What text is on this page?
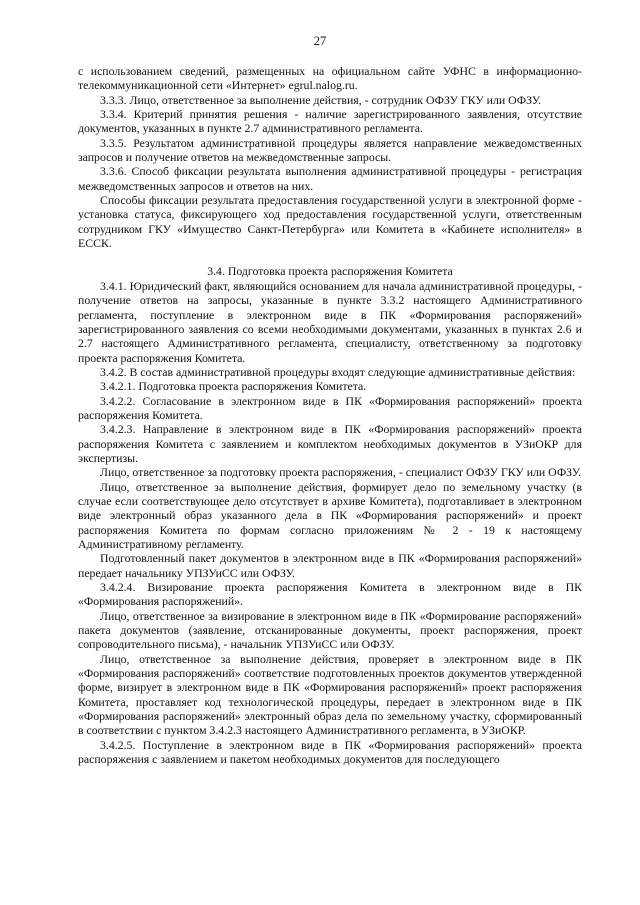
27

с использованием сведений, размещенных на официальном сайте УФНС в информационно-телекоммуникационной сети «Интернет» egrul.nalog.ru.

3.3.3. Лицо, ответственное за выполнение действия, - сотрудник ОФЗУ ГКУ или ОФЗУ.

3.3.4. Критерий принятия решения - наличие зарегистрированного заявления, отсутствие документов, указанных в пункте 2.7 административного регламента.

3.3.5. Результатом административной процедуры является направление межведомственных запросов и получение ответов на межведомственные запросы.

3.3.6. Способ фиксации результата выполнения административной процедуры - регистрация межведомственных запросов и ответов на них.

Способы фиксации результата предоставления государственной услуги в электронной форме - установка статуса, фиксирующего ход предоставления государственной услуги, ответственным сотрудником ГКУ «Имущество Санкт-Петербурга» или Комитета в «Кабинете исполнителя» в ЕССК.

3.4. Подготовка проекта распоряжения Комитета

3.4.1. Юридический факт, являющийся основанием для начала административной процедуры, - получение ответов на запросы, указанные в пункте 3.3.2 настоящего Административного регламента, поступление в электронном виде в ПК «Формирования распоряжений» зарегистрированного заявления со всеми необходимыми документами, указанных в пунктах 2.6 и 2.7 настоящего Административного регламента, специалисту, ответственному за подготовку проекта распоряжения Комитета.

3.4.2. В состав административной процедуры входят следующие административные действия:

3.4.2.1. Подготовка проекта распоряжения Комитета.

3.4.2.2. Согласование в электронном виде в ПК «Формирования распоряжений» проекта распоряжения Комитета.

3.4.2.3. Направление в электронном виде в ПК «Формирования распоряжений» проекта распоряжения Комитета с заявлением и комплектом необходимых документов в УЗиОКР для экспертизы.

Лицо, ответственное за подготовку проекта распоряжения, - специалист ОФЗУ ГКУ или ОФЗУ.

Лицо, ответственное за выполнение действия, формирует дело по земельному участку (в случае если соответствующее дело отсутствует в архиве Комитета), подготавливает в электронном виде электронный образ указанного дела в ПК «Формирования распоряжений» и проект распоряжения Комитета по формам согласно приложениям № 2 - 19 к настоящему Административному регламенту.

Подготовленный пакет документов в электронном виде в ПК «Формирования распоряжений» передает начальнику УПЗУиСС или ОФЗУ.

3.4.2.4. Визирование проекта распоряжения Комитета в электронном виде в ПК «Формирования распоряжений».

Лицо, ответственное за визирование в электронном виде в ПК «Формирование распоряжений» пакета документов (заявление, отсканированные документы, проект распоряжения, проект сопроводительного письма), - начальник УПЗУиСС или ОФЗУ.

Лицо, ответственное за выполнение действия, проверяет в электронном виде в ПК «Формирования распоряжений» соответствие подготовленных проектов документов утвержденной форме, визирует в электронном виде в ПК «Формирования распоряжений» проект распоряжения Комитета, проставляет код технологической процедуры, передает в электронном виде в ПК «Формирования распоряжений» электронный образ дела по земельному участку, сформированный в соответствии с пунктом 3.4.2.3 настоящего Административного регламента, в УЗиОКР.

3.4.2.5. Поступление в электронном виде в ПК «Формирования распоряжений» проекта распоряжения с заявлением и пакетом необходимых документов для последующего
